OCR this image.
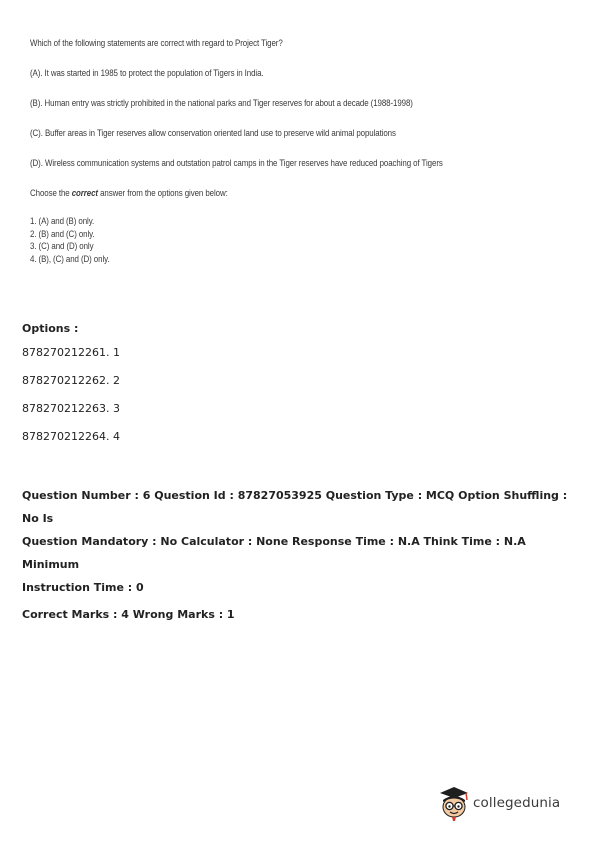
Which of the following statements are correct with regard to Project Tiger?
(A). It was started in 1985 to protect the population of Tigers in India.
(B). Human entry was strictly prohibited in the national parks and Tiger reserves for about a decade (1988-1998)
(C). Buffer areas in Tiger reserves allow conservation oriented land use to preserve wild animal populations
(D). Wireless communication systems and outstation patrol camps in the Tiger reserves have reduced poaching of Tigers
Choose the correct answer from the options given below:
1. (A) and (B) only.
2. (B) and (C) only.
3. (C) and (D) only
4. (B), (C) and (D) only.
Options :
878270212261. 1
878270212262. 2
878270212263. 3
878270212264. 4
Question Number : 6 Question Id : 87827053925 Question Type : MCQ Option Shuffling : No Is
Question Mandatory : No Calculator : None Response Time : N.A Think Time : N.A Minimum
Instruction Time : 0
Correct Marks : 4 Wrong Marks : 1
collegedunia
